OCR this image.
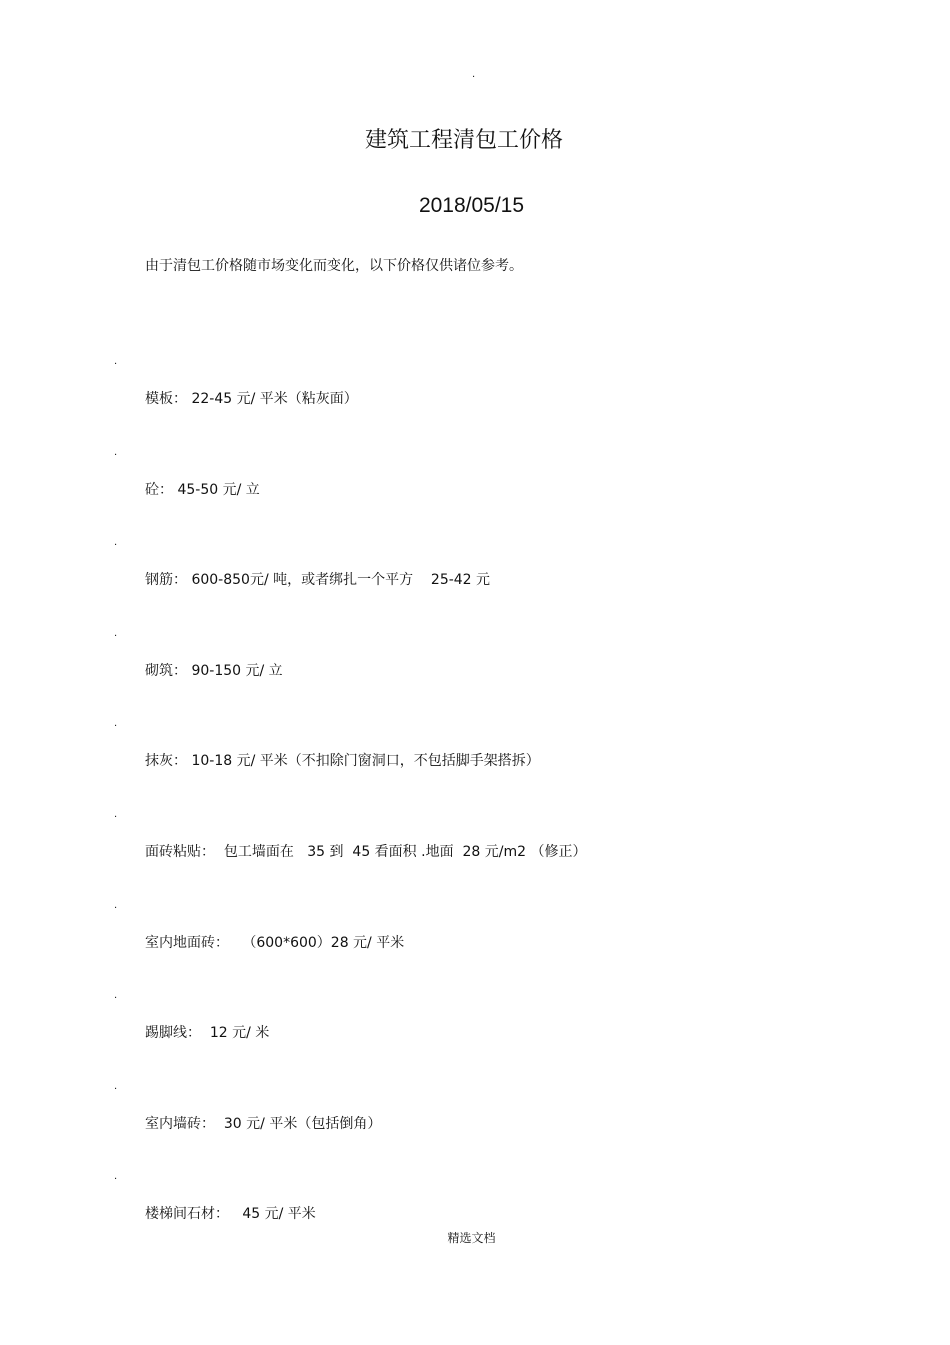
.
建筑工程清包工价格
2018/05/15

由于清包工价格随市场变化而变化，以下价格仅供诸位参考。

.
模板： 22-45 元/ 平米（粘灰面）
.
砼： 45-50 元/ 立
.
钢筋： 600-850元/ 吨，或者绑扎一个平方    25-42 元
.
砌筑： 90-150 元/ 立
.
抹灰： 10-18 元/ 平米（不扣除门窗洞口，不包括脚手架搭拆）
.
面砖粘贴：  包工墙面在   35 到  45 看面积 .地面  28 元/m2 （修正）
.
室内地面砖：   （600*600）28 元/ 平米
.
踢脚线：  12 元/ 米
.
室内墙砖：  30 元/ 平米（包括倒角）
.
楼梯间石材：   45 元/ 平米
精选文档
